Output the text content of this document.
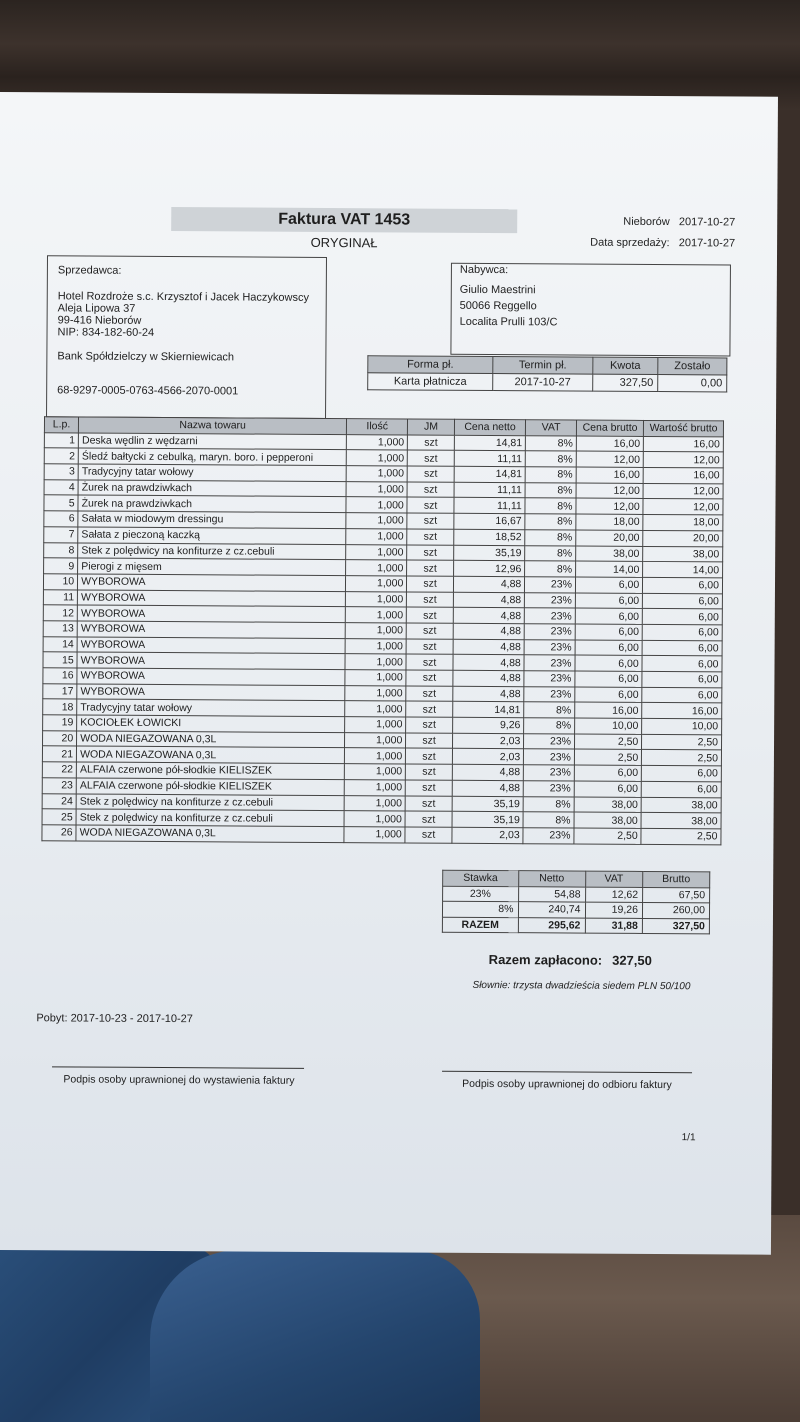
Faktura VAT 1453
ORYGINAŁ
Nieborów 2017-10-27
Data sprzedaży: 2017-10-27
Sprzedawca:
Hotel Rozdroże s.c. Krzysztof i Jacek Haczykowscy
Aleja Lipowa 37
99-416 Nieborów
NIP: 834-182-60-24
Bank Spółdzielczy w Skierniewicach
68-9297-0005-0763-4566-2070-0001
Nabywca:
Giulio Maestrini
50066 Reggello
Localita Prulli 103/C
Forma pł.	Termin pł.	Kwota	Zostało
Karta płatnicza	2017-10-27	327,50	0,00
L.p.	Nazwa towaru	Ilość	JM	Cena netto	VAT	Cena brutto	Wartość brutto
1	Deska wędlin z wędzarni	1,000	szt	14,81	8%	16,00	16,00
2	Śledź bałtycki z cebulką, maryn. boro. i pepperoni	1,000	szt	11,11	8%	12,00	12,00
3	Tradycyjny tatar wołowy	1,000	szt	14,81	8%	16,00	16,00
4	Żurek na prawdziwkach	1,000	szt	11,11	8%	12,00	12,00
5	Żurek na prawdziwkach	1,000	szt	11,11	8%	12,00	12,00
6	Sałata w miodowym dressingu	1,000	szt	16,67	8%	18,00	18,00
7	Sałata z pieczoną kaczką	1,000	szt	18,52	8%	20,00	20,00
8	Stek z polędwicy na konfiturze z cz.cebuli	1,000	szt	35,19	8%	38,00	38,00
9	Pierogi z mięsem	1,000	szt	12,96	8%	14,00	14,00
10	WYBOROWA	1,000	szt	4,88	23%	6,00	6,00
11	WYBOROWA	1,000	szt	4,88	23%	6,00	6,00
12	WYBOROWA	1,000	szt	4,88	23%	6,00	6,00
13	WYBOROWA	1,000	szt	4,88	23%	6,00	6,00
14	WYBOROWA	1,000	szt	4,88	23%	6,00	6,00
15	WYBOROWA	1,000	szt	4,88	23%	6,00	6,00
16	WYBOROWA	1,000	szt	4,88	23%	6,00	6,00
17	WYBOROWA	1,000	szt	4,88	23%	6,00	6,00
18	Tradycyjny tatar wołowy	1,000	szt	14,81	8%	16,00	16,00
19	KOCIOŁEK ŁOWICKI	1,000	szt	9,26	8%	10,00	10,00
20	WODA NIEGAZOWANA 0,3L	1,000	szt	2,03	23%	2,50	2,50
21	WODA NIEGAZOWANA 0,3L	1,000	szt	2,03	23%	2,50	2,50
22	ALFAIA czerwone pół-słodkie KIELISZEK	1,000	szt	4,88	23%	6,00	6,00
23	ALFAIA czerwone pół-słodkie KIELISZEK	1,000	szt	4,88	23%	6,00	6,00
24	Stek z polędwicy na konfiturze z cz.cebuli	1,000	szt	35,19	8%	38,00	38,00
25	Stek z polędwicy na konfiturze z cz.cebuli	1,000	szt	35,19	8%	38,00	38,00
26	WODA NIEGAZOWANA 0,3L	1,000	szt	2,03	23%	2,50	2,50
Stawka	Netto	VAT	Brutto
23%	54,88	12,62	67,50
8%	240,74	19,26	260,00
RAZEM	295,62	31,88	327,50
Razem zapłacono: 327,50
Słownie: trzysta dwadzieścia siedem PLN 50/100
Pobyt: 2017-10-23 - 2017-10-27
Podpis osoby uprawnionej do wystawienia faktury	Podpis osoby uprawnionej do odbioru faktury
1/1
